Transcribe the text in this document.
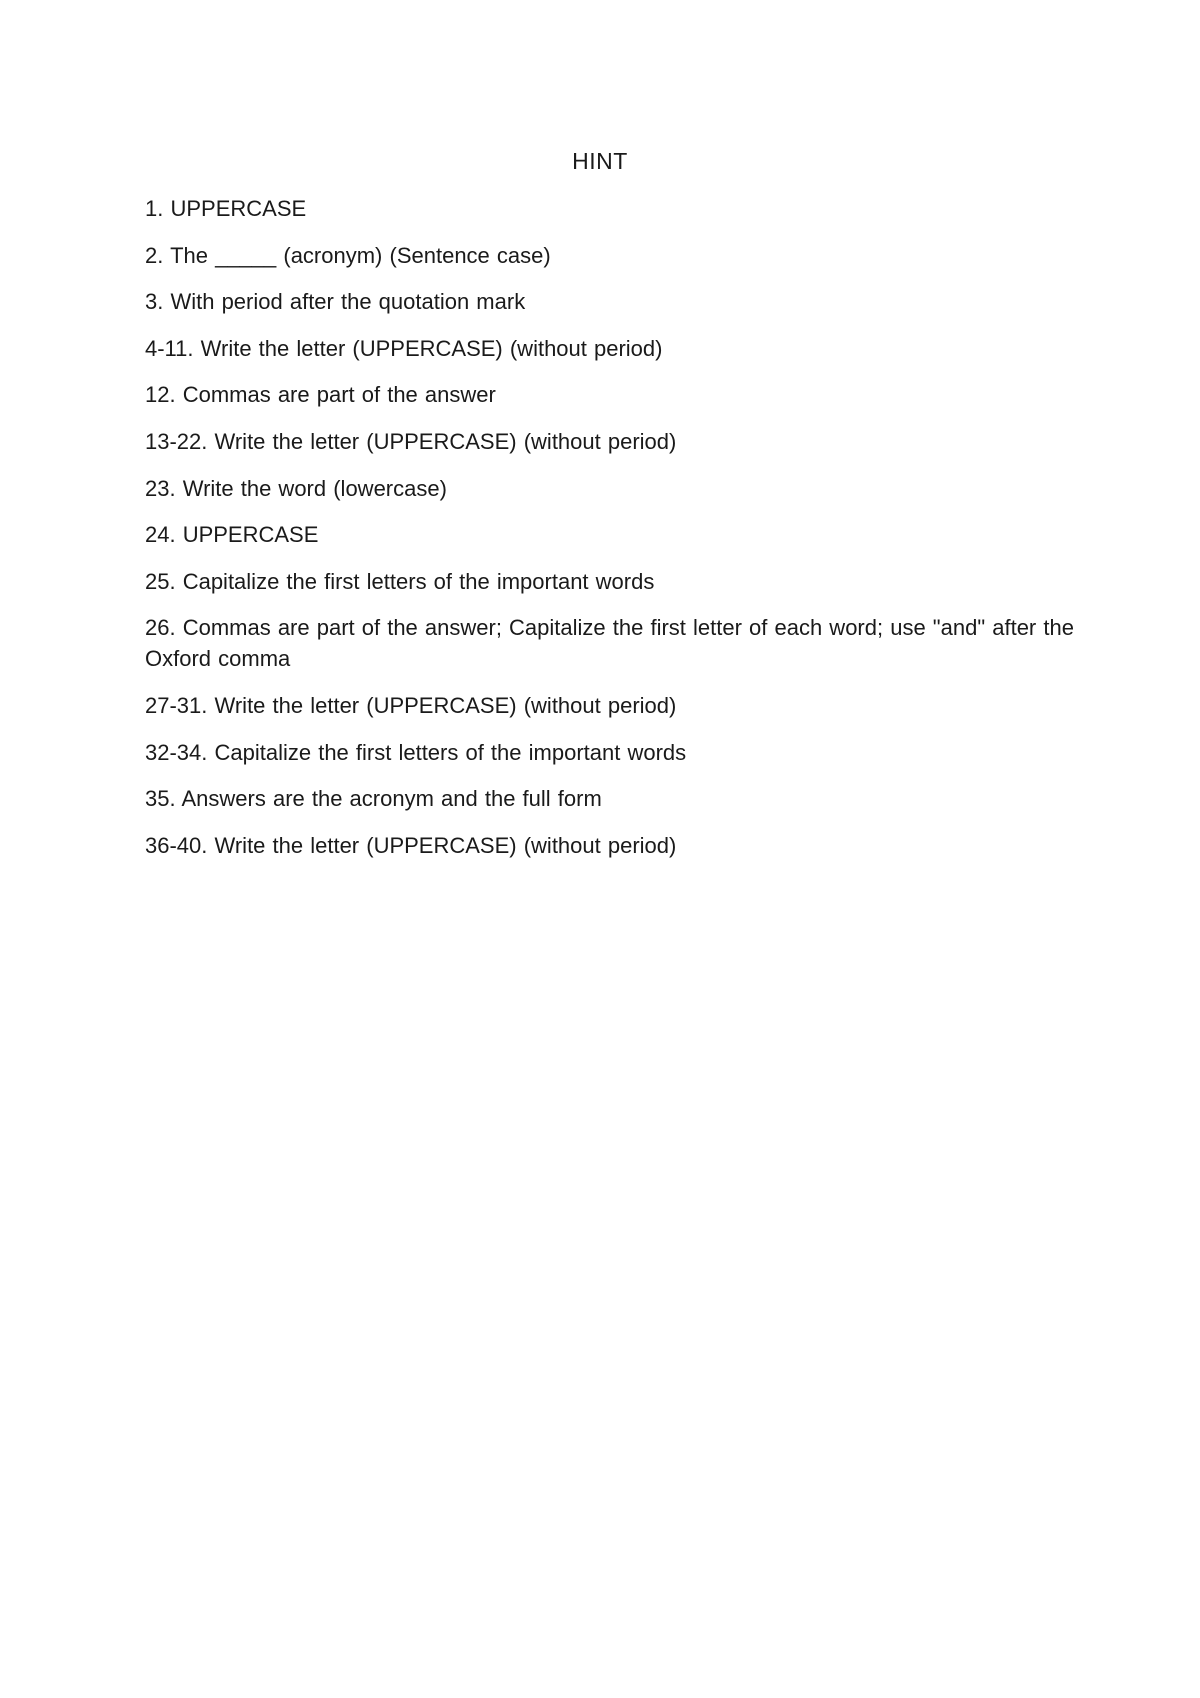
HINT
1. UPPERCASE
2. The _____ (acronym) (Sentence case)
3. With period after the quotation mark
4-11. Write the letter (UPPERCASE) (without period)
12. Commas are part of the answer
13-22. Write the letter (UPPERCASE) (without period)
23. Write the word (lowercase)
24. UPPERCASE
25. Capitalize the first letters of the important words
26. Commas are part of the answer; Capitalize the first letter of each word; use "and" after the Oxford comma
27-31. Write the letter (UPPERCASE) (without period)
32-34. Capitalize the first letters of the important words
35. Answers are the acronym and the full form
36-40. Write the letter (UPPERCASE) (without period)
